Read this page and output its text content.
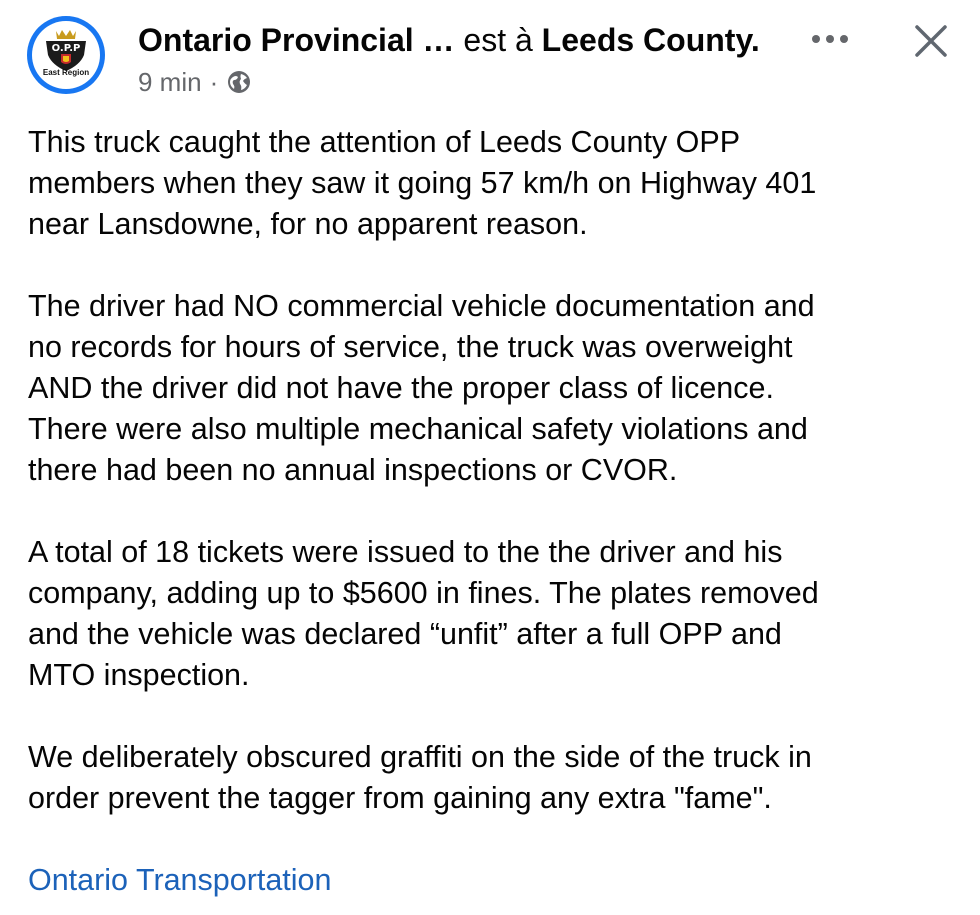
O.P.P
East Region
Ontario Provincial … est à Leeds County.
9 min ·

This truck caught the attention of Leeds County OPP
members when they saw it going 57 km/h on Highway 401
near Lansdowne, for no apparent reason.

The driver had NO commercial vehicle documentation and
no records for hours of service, the truck was overweight
AND the driver did not have the proper class of licence.
There were also multiple mechanical safety violations and
there had been no annual inspections or CVOR.

A total of 18 tickets were issued to the the driver and his
company, adding up to $5600 in fines. The plates removed
and the vehicle was declared “unfit” after a full OPP and
MTO inspection.

We deliberately obscured graffiti on the side of the truck in
order prevent the tagger from gaining any extra "fame".

Ontario Transportation
